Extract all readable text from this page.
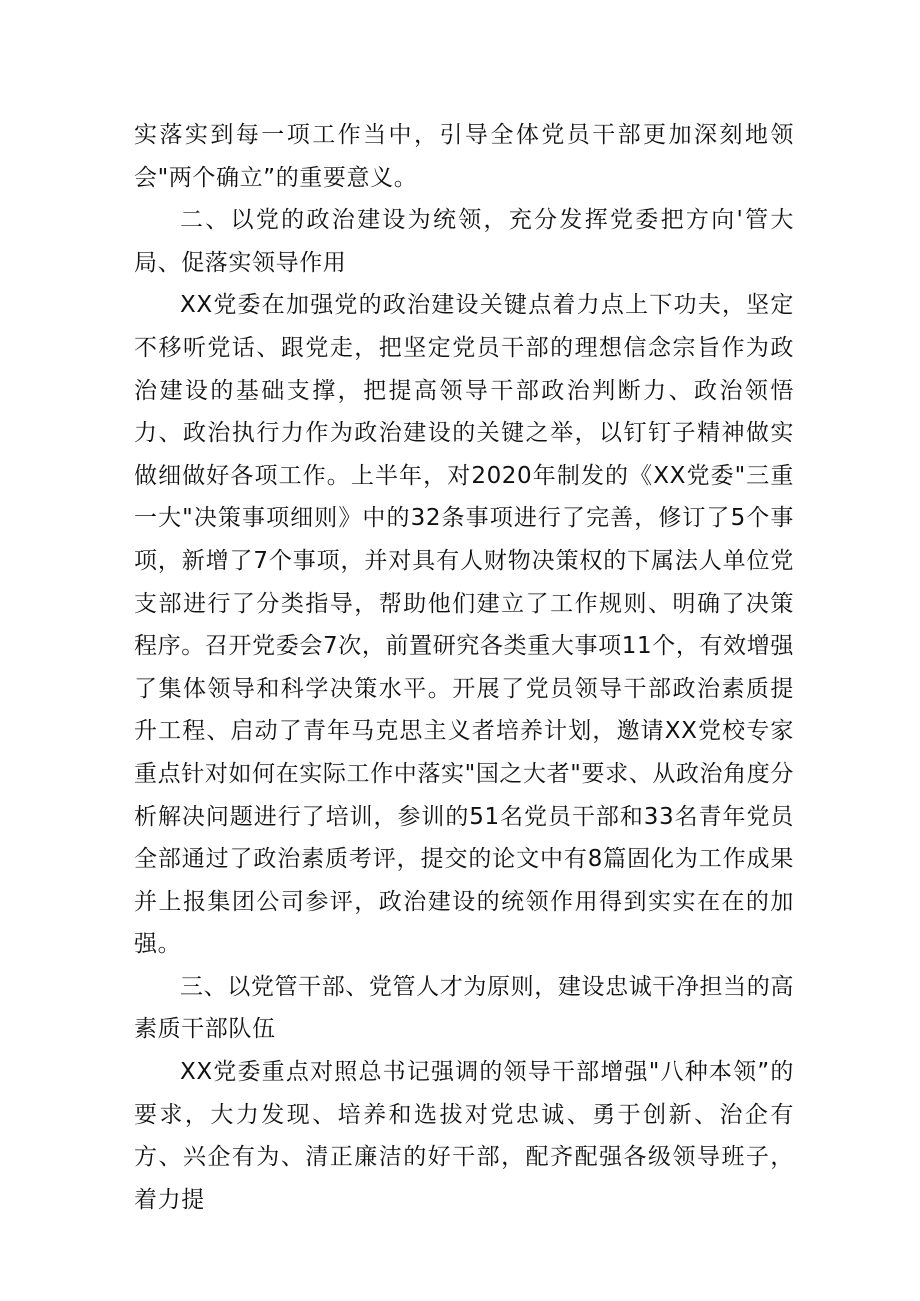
实落实到每一项工作当中，引导全体党员干部更加深刻地领会"两个确立”的重要意义。

二、以党的政治建设为统领，充分发挥党委把方向'管大局、促落实领导作用

XX党委在加强党的政治建设关键点着力点上下功夫，坚定不移听党话、跟党走，把坚定党员干部的理想信念宗旨作为政治建设的基础支撑，把提高领导干部政治判断力、政治领悟力、政治执行力作为政治建设的关键之举，以钉钉子精神做实做细做好各项工作。上半年，对2020年制发的《XX党委"三重一大"决策事项细则》中的32条事项进行了完善，修订了5个事项，新增了7个事项，并对具有人财物决策权的下属法人单位党支部进行了分类指导，帮助他们建立了工作规则、明确了决策程序。召开党委会7次，前置研究各类重大事项11个，有效增强了集体领导和科学决策水平。开展了党员领导干部政治素质提升工程、启动了青年马克思主义者培养计划，邀请XX党校专家重点针对如何在实际工作中落实"国之大者"要求、从政治角度分析解决问题进行了培训，参训的51名党员干部和33名青年党员全部通过了政治素质考评，提交的论文中有8篇固化为工作成果并上报集团公司参评，政治建设的统领作用得到实实在在的加强。

三、以党管干部、党管人才为原则，建设忠诚干净担当的高素质干部队伍

XX党委重点对照总书记强调的领导干部增强"八种本领”的要求，大力发现、培养和选拔对党忠诚、勇于创新、治企有方、兴企有为、清正廉洁的好干部，配齐配强各级领导班子，着力提
